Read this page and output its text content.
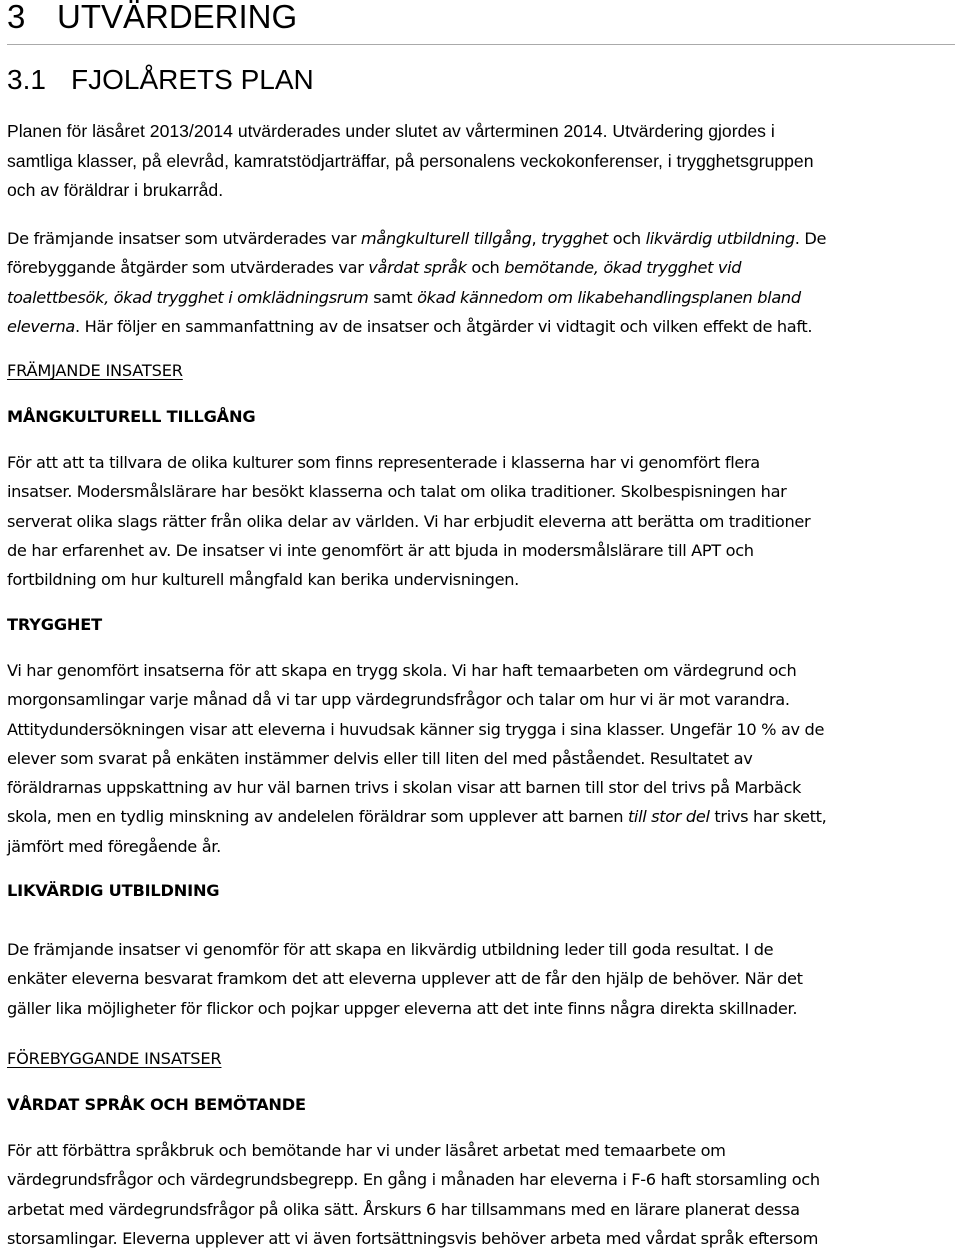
3 UTVÄRDERING
3.1 FJOLÅRETS PLAN

Planen för läsåret 2013/2014 utvärderades under slutet av vårterminen 2014. Utvärdering gjordes i
samtliga klasser, på elevråd, kamratstödjarträffar, på personalens veckokonferenser, i trygghetsgruppen
och av föräldrar i brukarråd.

De främjande insatser som utvärderades var mångkulturell tillgång, trygghet och likvärdig utbildning. De
förebyggande åtgärder som utvärderades var vårdat språk och bemötande, ökad trygghet vid
toalettbesök, ökad trygghet i omklädningsrum samt ökad kännedom om likabehandlingsplanen bland
eleverna. Här följer en sammanfattning av de insatser och åtgärder vi vidtagit och vilken effekt de haft.

FRÄMJANDE INSATSER
MÅNGKULTURELL TILLGÅNG

För att att ta tillvara de olika kulturer som finns representerade i klasserna har vi genomfört flera
insatser. Modersmålslärare har besökt klasserna och talat om olika traditioner. Skolbespisningen har
serverat olika slags rätter från olika delar av världen. Vi har erbjudit eleverna att berätta om traditioner
de har erfarenhet av. De insatser vi inte genomfört är att bjuda in modersmålslärare till APT och
fortbildning om hur kulturell mångfald kan berika undervisningen.

TRYGGHET

Vi har genomfört insatserna för att skapa en trygg skola. Vi har haft temaarbeten om värdegrund och
morgonsamlingar varje månad då vi tar upp värdegrundsfrågor och talar om hur vi är mot varandra.
Attitydundersökningen visar att eleverna i huvudsak känner sig trygga i sina klasser. Ungefär 10 % av de
elever som svarat på enkäten instämmer delvis eller till liten del med påståendet. Resultatet av
föräldrarnas uppskattning av hur väl barnen trivs i skolan visar att barnen till stor del trivs på Marbäck
skola, men en tydlig minskning av andelelen föräldrar som upplever att barnen till stor del trivs har skett,
jämfört med föregående år.

LIKVÄRDIG UTBILDNING

De främjande insatser vi genomför för att skapa en likvärdig utbildning leder till goda resultat. I de
enkäter eleverna besvarat framkom det att eleverna upplever att de får den hjälp de behöver. När det
gäller lika möjligheter för flickor och pojkar uppger eleverna att det inte finns några direkta skillnader.

FÖREBYGGANDE INSATSER
VÅRDAT SPRÅK OCH BEMÖTANDE

För att förbättra språkbruk och bemötande har vi under läsåret arbetat med temaarbete om
värdegrundsfrågor och värdegrundsbegrepp. En gång i månaden har eleverna i F-6 haft storsamling och
arbetat med värdegrundsfrågor på olika sätt. Årskurs 6 har tillsammans med en lärare planerat dessa
storsamlingar. Eleverna upplever att vi även fortsättningsvis behöver arbeta med vårdat språk eftersom
